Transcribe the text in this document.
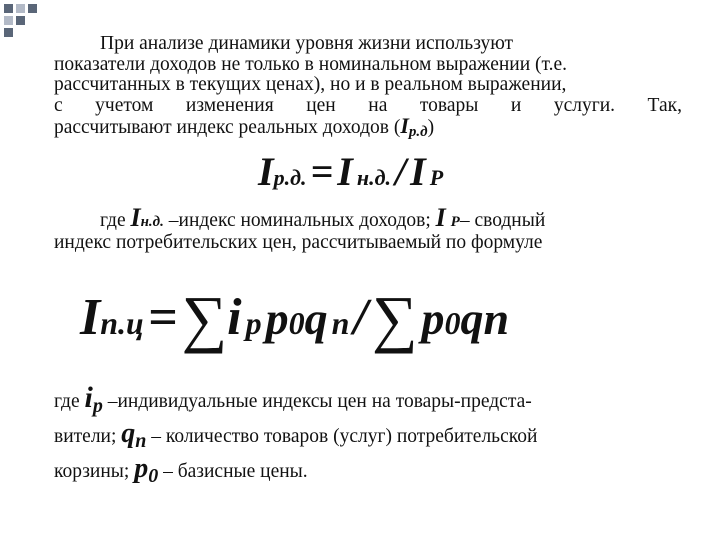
При анализе динамики уровня жизни используют
показатели доходов не только в номинальном выражении (т.е.
рассчитанных в текущих ценах), но и в реальном выражении,
с учетом изменения цен на товары и услуги. Так,
рассчитывают индекс реальных доходов (Iр.д)
Iр.д. = I н.д. / I P
где Iн.д. –индекс номинальных доходов; I P– сводный
индекс потребительских цен, рассчитываемый по формуле
Iп.ц = ∑i p p0q n / ∑ p0qn
где ip –индивидуальные индексы цен на товары-предста-
вители; qn – количество товаров (услуг) потребительской
корзины; p0 – базисные цены.
